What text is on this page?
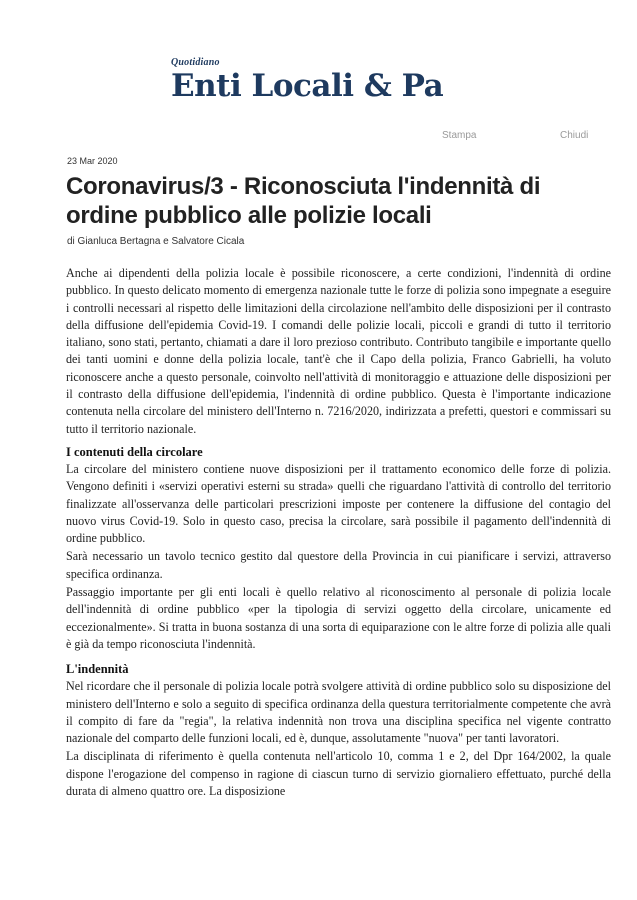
Quotidiano
Enti Locali & Pa
Stampa	Chiudi
23 Mar 2020
Coronavirus/3 - Riconosciuta l'indennità di ordine pubblico alle polizie locali
di Gianluca Bertagna e Salvatore Cicala

Anche ai dipendenti della polizia locale è possibile riconoscere, a certe condizioni, l'indennità di ordine pubblico. In questo delicato momento di emergenza nazionale tutte le forze di polizia sono impegnate a eseguire i controlli necessari al rispetto delle limitazioni della circolazione nell'ambito delle disposizioni per il contrasto della diffusione dell'epidemia Covid-19. I comandi delle polizie locali, piccoli e grandi di tutto il territorio italiano, sono stati, pertanto, chiamati a dare il loro prezioso contributo. Contributo tangibile e importante quello dei tanti uomini e donne della polizia locale, tant'è che il Capo della polizia, Franco Gabrielli, ha voluto riconoscere anche a questo personale, coinvolto nell'attività di monitoraggio e attuazione delle disposizioni per il contrasto della diffusione dell'epidemia, l'indennità di ordine pubblico. Questa è l'importante indicazione contenuta nella circolare del ministero dell'Interno n. 7216/2020, indirizzata a prefetti, questori e commissari su tutto il territorio nazionale.

I contenuti della circolare

La circolare del ministero contiene nuove disposizioni per il trattamento economico delle forze di polizia. Vengono definiti i «servizi operativi esterni su strada» quelli che riguardano l'attività di controllo del territorio finalizzate all'osservanza delle particolari prescrizioni imposte per contenere la diffusione del contagio del nuovo virus Covid-19. Solo in questo caso, precisa la circolare, sarà possibile il pagamento dell'indennità di ordine pubblico.

Sarà necessario un tavolo tecnico gestito dal questore della Provincia in cui pianificare i servizi, attraverso specifica ordinanza.

Passaggio importante per gli enti locali è quello relativo al riconoscimento al personale di polizia locale dell'indennità di ordine pubblico «per la tipologia di servizi oggetto della circolare, unicamente ed eccezionalmente». Si tratta in buona sostanza di una sorta di equiparazione con le altre forze di polizia alle quali è già da tempo riconosciuta l'indennità.

L'indennità

Nel ricordare che il personale di polizia locale potrà svolgere attività di ordine pubblico solo su disposizione del ministero dell'Interno e solo a seguito di specifica ordinanza della questura territorialmente competente che avrà il compito di fare da "regia", la relativa indennità non trova una disciplina specifica nel vigente contratto nazionale del comparto delle funzioni locali, ed è, dunque, assolutamente "nuova" per tanti lavoratori.

La disciplinata di riferimento è quella contenuta nell'articolo 10, comma 1 e 2, del Dpr 164/2002, la quale dispone l'erogazione del compenso in ragione di ciascun turno di servizio giornaliero effettuato, purché della durata di almeno quattro ore. La disposizione
